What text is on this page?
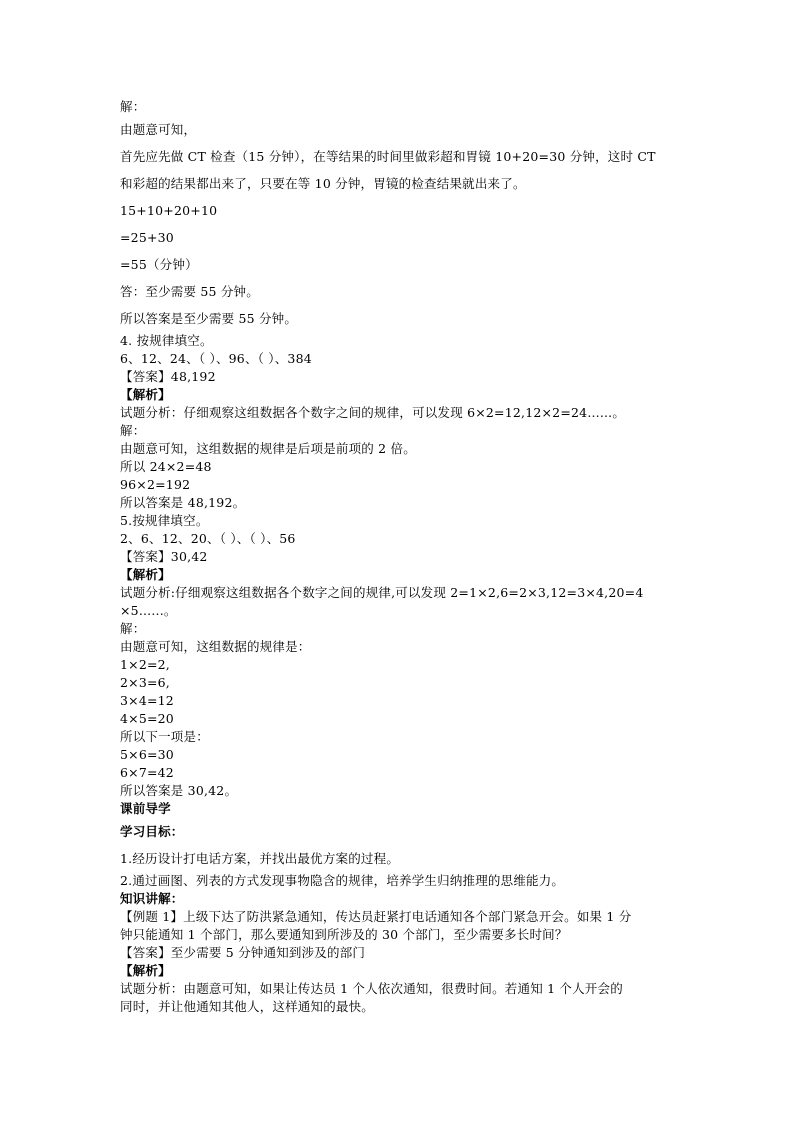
解：
由题意可知，
首先应先做 CT 检查（15 分钟），在等结果的时间里做彩超和胃镜 10+20=30 分钟，这时 CT
和彩超的结果都出来了，只要在等 10 分钟，胃镜的检查结果就出来了。
15+10+20+10
=25+30
=55（分钟）
答：至少需要 55 分钟。
所以答案是至少需要 55 分钟。
4. 按规律填空。
6、12、24、（ ）、96、（ ）、384
【答案】48,192
【解析】
试题分析：仔细观察这组数据各个数字之间的规律，可以发现 6×2=12,12×2=24......。
解：
由题意可知，这组数据的规律是后项是前项的 2 倍。
所以 24×2=48
96×2=192
所以答案是 48,192。
5.按规律填空。
2、6、12、20、（ ）、（ ）、56
【答案】30,42
【解析】
试题分析:仔细观察这组数据各个数字之间的规律,可以发现 2=1×2,6=2×3,12=3×4,20=4
×5......。
解：
由题意可知，这组数据的规律是：
1×2=2,
2×3=6,
3×4=12
4×5=20
所以下一项是：
5×6=30
6×7=42
所以答案是 30,42。
课前导学
学习目标：
1.经历设计打电话方案，并找出最优方案的过程。
2.通过画图、列表的方式发现事物隐含的规律，培养学生归纳推理的思维能力。
知识讲解：
【例题 1】上级下达了防洪紧急通知，传达员赶紧打电话通知各个部门紧急开会。如果 1 分
钟只能通知 1 个部门，那么要通知到所涉及的 30 个部门，至少需要多长时间？
【答案】至少需要 5 分钟通知到涉及的部门
【解析】
试题分析：由题意可知，如果让传达员 1 个人依次通知，很费时间。若通知 1 个人开会的
同时，并让他通知其他人，这样通知的最快。
